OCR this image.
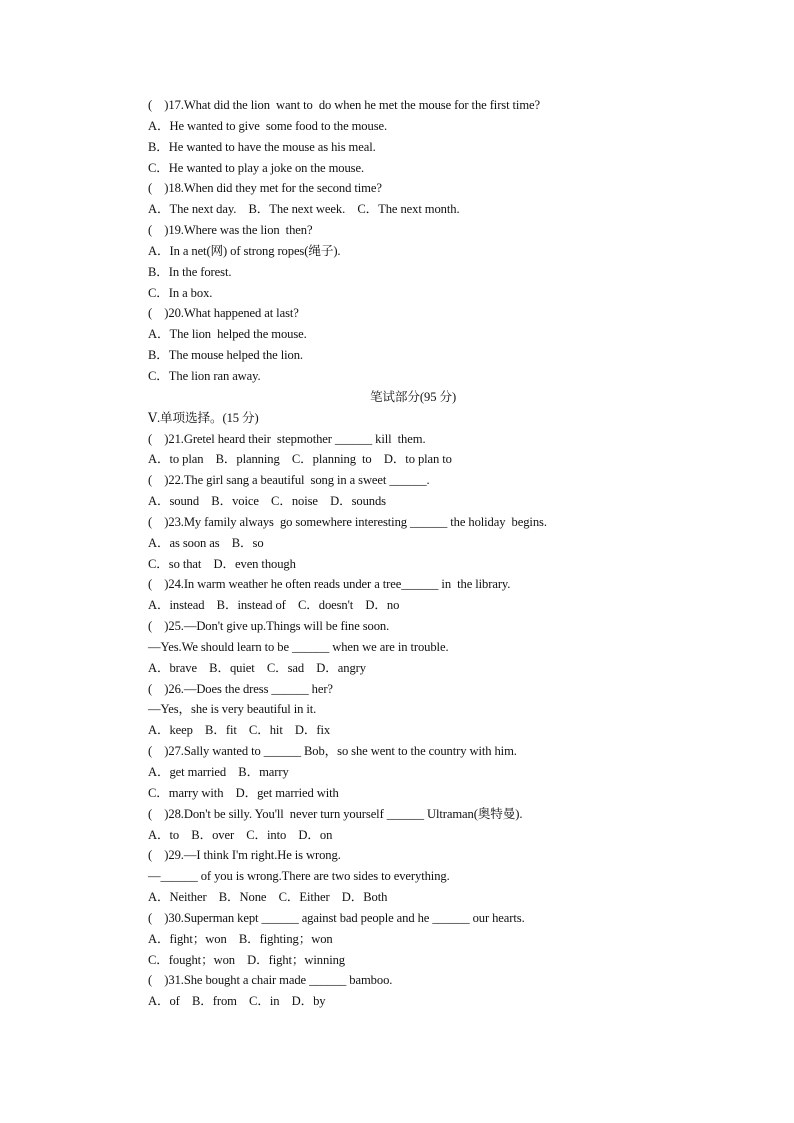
(    )17.What did the lion  want to  do when he met the mouse for the first time?
A．He wanted to give  some food to the mouse.
B．He wanted to have the mouse as his meal.
C．He wanted to play a joke on the mouse.
(    )18.When did they met for the second time?
A．The next day.    B．The next week.    C．The next month.
(    )19.Where was the lion  then?
A．In a net(网) of strong ropes(绳子).
B．In the forest.
C．In a box.
(    )20.What happened at last?
A．The lion  helped the mouse.
B．The mouse helped the lion.
C．The lion ran away.
笔试部分(95 分)
Ⅴ.单项选择。(15 分)
(    )21.Gretel heard their  stepmother ______ kill  them.
A．to plan    B．planning    C．planning  to    D．to plan to
(    )22.The girl sang a beautiful  song in a sweet ______.
A．sound    B．voice    C．noise    D．sounds
(    )23.My family always  go somewhere interesting ______ the holiday  begins.
A．as soon as    B．so
C．so that    D．even though
(    )24.In warm weather he often reads under a tree______ in  the library.
A．instead    B．instead of    C．doesn't    D．no
(    )25.—Don't give up.Things will be fine soon.
—Yes.We should learn to be ______ when we are in trouble.
A．brave    B．quiet    C．sad    D．angry
(    )26.—Does the dress ______ her?
—Yes，she is very beautiful in it.
A．keep    B．fit    C．hit    D．fix
(    )27.Sally wanted to ______ Bob，so she went to the country with him.
A．get married    B．marry
C．marry with    D．get married with
(    )28.Don't be silly. You'll  never turn yourself ______ Ultraman(奥特曼).
A．to    B．over    C．into    D．on
(    )29.—I think I'm right.He is wrong.
—______ of you is wrong.There are two sides to everything.
A．Neither    B．None    C．Either    D．Both
(    )30.Superman kept ______ against bad people and he ______ our hearts.
A．fight；won    B．fighting；won
C．fought；won    D．fight；winning
(    )31.She bought a chair made ______ bamboo.
A．of    B．from    C．in    D．by
